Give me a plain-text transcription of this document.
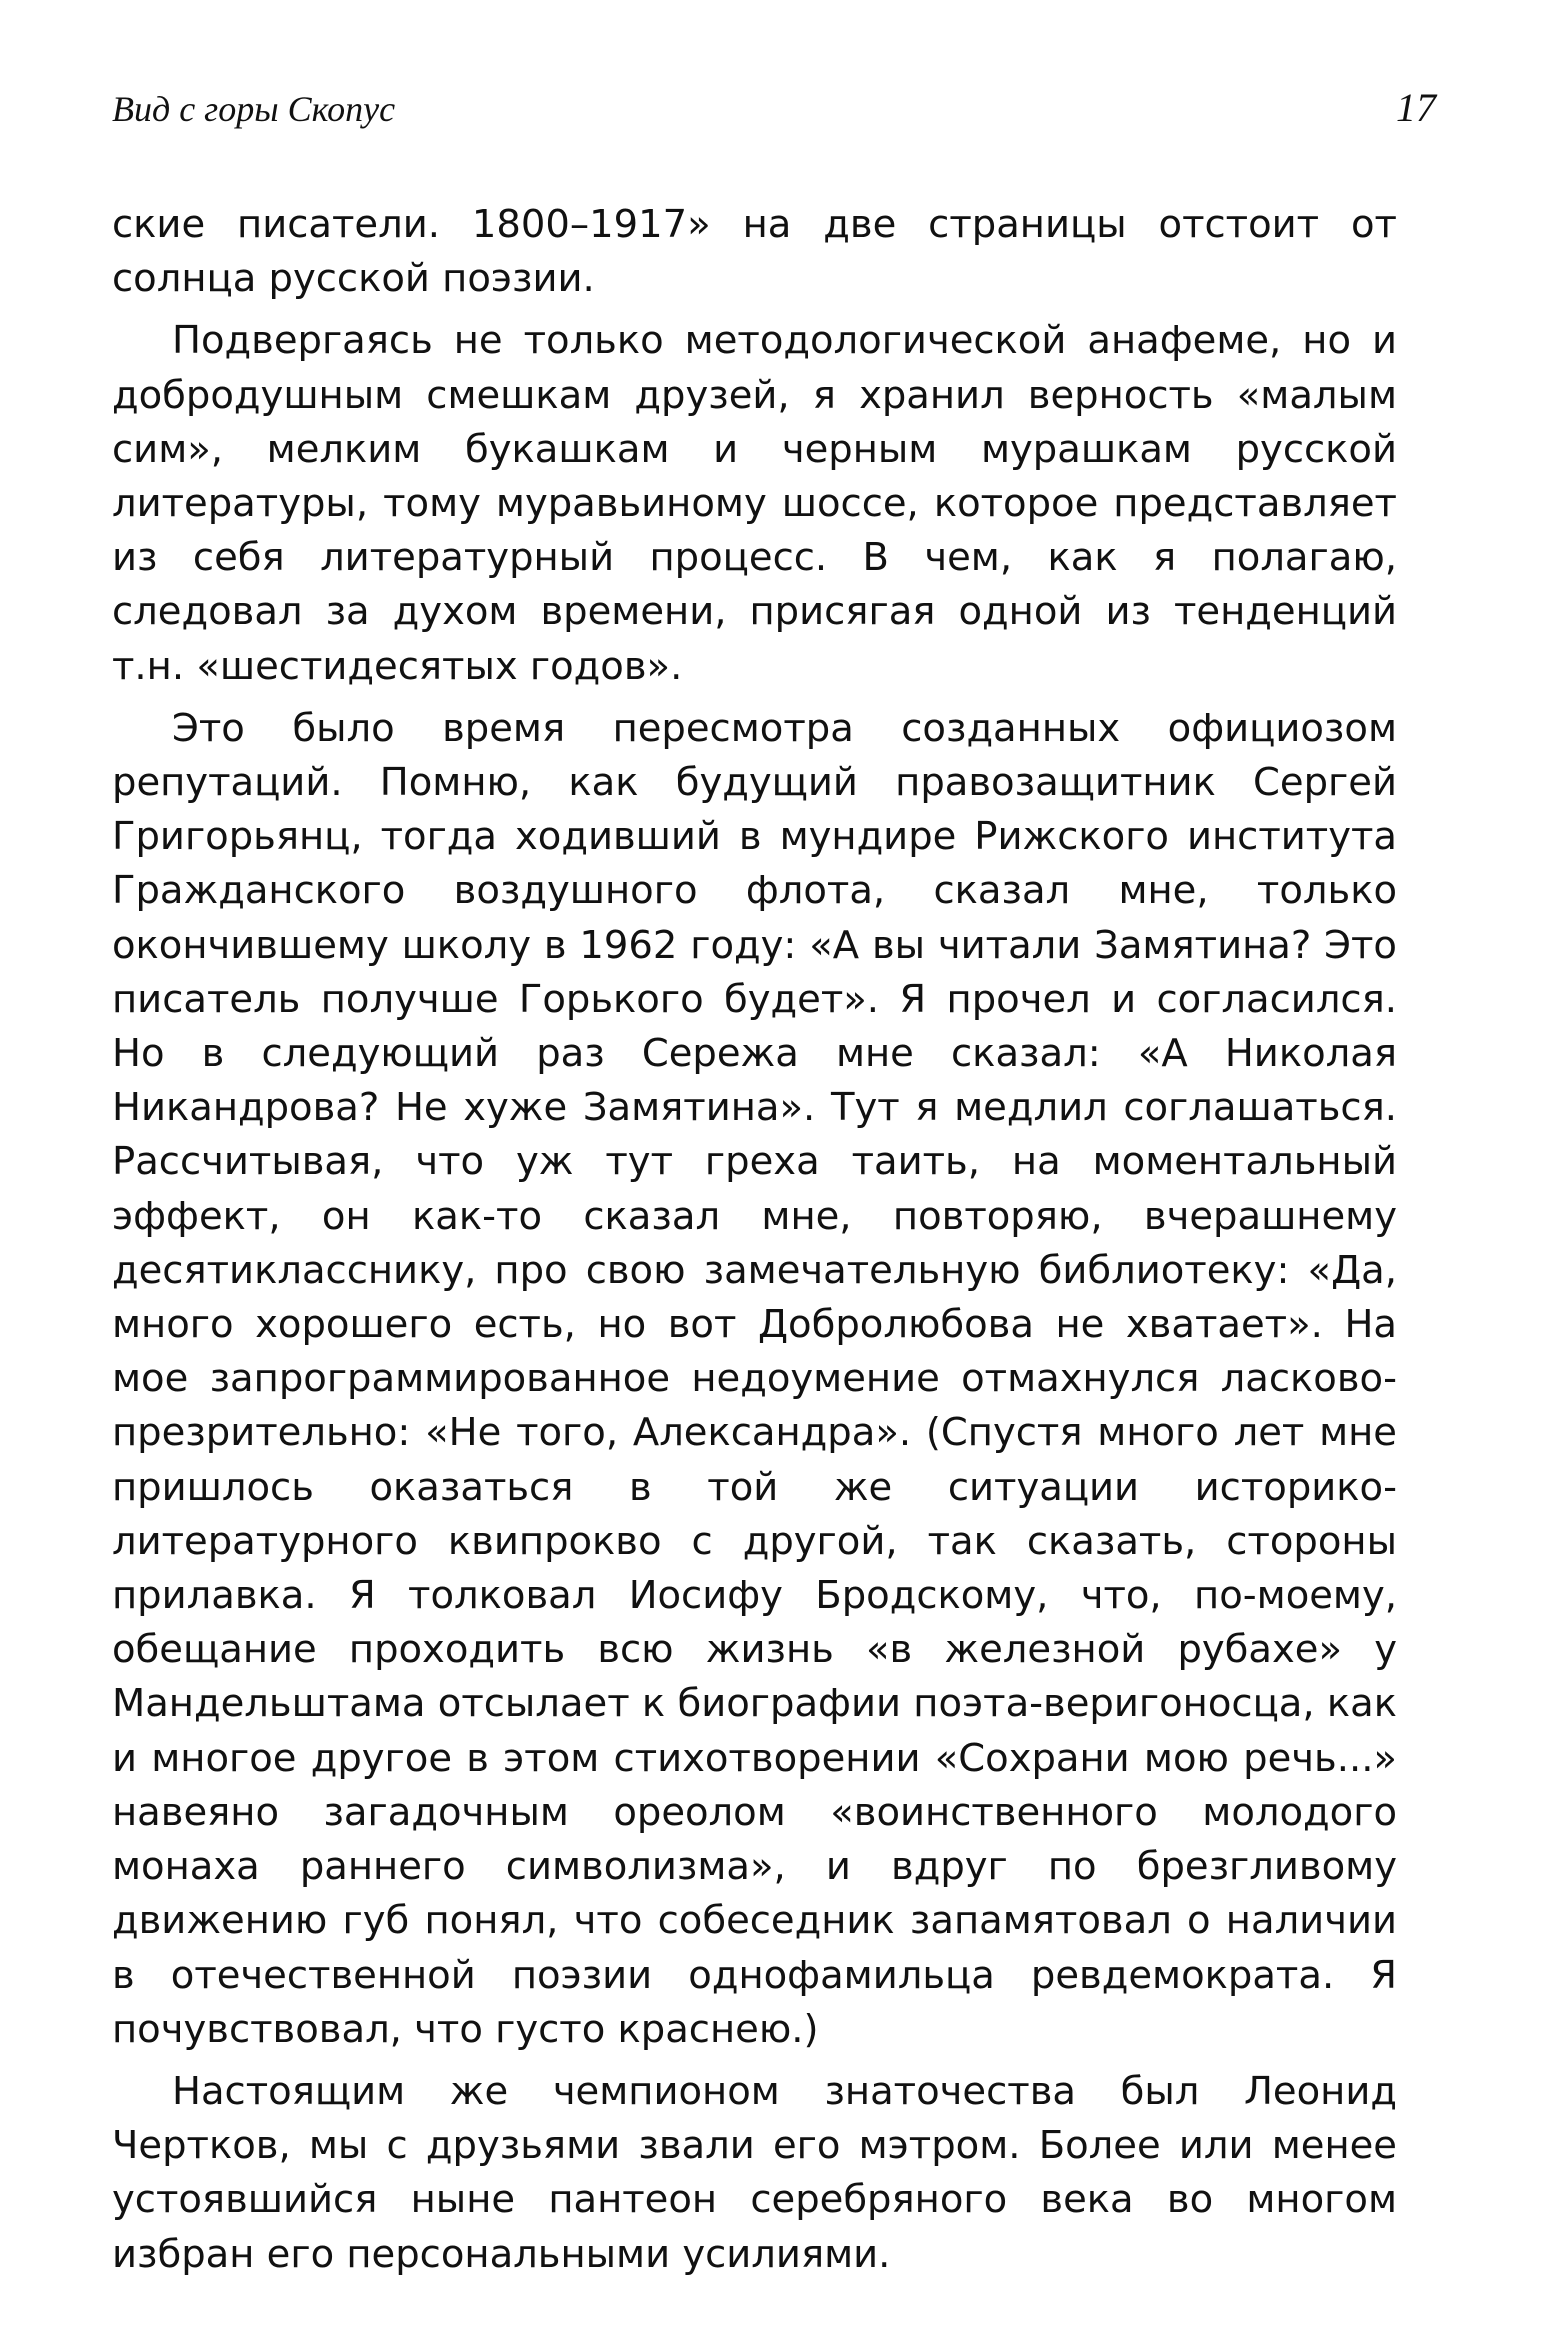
Вид с горы Скопус	17

ские писатели. 1800–1917» на две страницы отстоит от солнца русской поэзии.

Подвергаясь не только методологической анафеме, но и добродушным смешкам друзей, я хранил верность «малым сим», мелким букашкам и черным мурашкам русской литературы, тому муравьиному шоссе, которое представляет из себя литературный процесс. В чем, как я полагаю, следовал за духом времени, присягая одной из тенденций т.н. «шестидесятых годов».

Это было время пересмотра созданных официозом репутаций. Помню, как будущий правозащитник Сергей Григорьянц, тогда ходивший в мундире Рижского института Гражданского воздушного флота, сказал мне, только окончившему школу в 1962 году: «А вы читали Замятина? Это писатель получше Горького будет». Я прочел и согласился. Но в следующий раз Сережа мне сказал: «А Николая Никандрова? Не хуже Замятина». Тут я медлил соглашаться. Рассчитывая, что уж тут греха таить, на моментальный эффект, он как-то сказал мне, повторяю, вчерашнему десятикласснику, про свою замечательную библиотеку: «Да, много хорошего есть, но вот Добролюбова не хватает». На мое запрограммированное недоумение отмахнулся ласково-презрительно: «Не того, Александра». (Спустя много лет мне пришлось оказаться в той же ситуации историко-литературного квипрокво с другой, так сказать, стороны прилавка. Я толковал Иосифу Бродскому, что, по-моему, обещание проходить всю жизнь «в железной рубахе» у Мандельштама отсылает к биографии поэта-веригоносца, как и многое другое в этом стихотворении «Сохрани мою речь...» навеяно загадочным ореолом «воинственного молодого монаха раннего символизма», и вдруг по брезгливому движению губ понял, что собеседник запамятовал о наличии в отечественной поэзии однофамильца ревдемократа. Я почувствовал, что густо краснею.)

Настоящим же чемпионом знаточества был Леонид Чертков, мы с друзьями звали его мэтром. Более или менее устоявшийся ныне пантеон серебряного века во многом избран его персональными усилиями.
